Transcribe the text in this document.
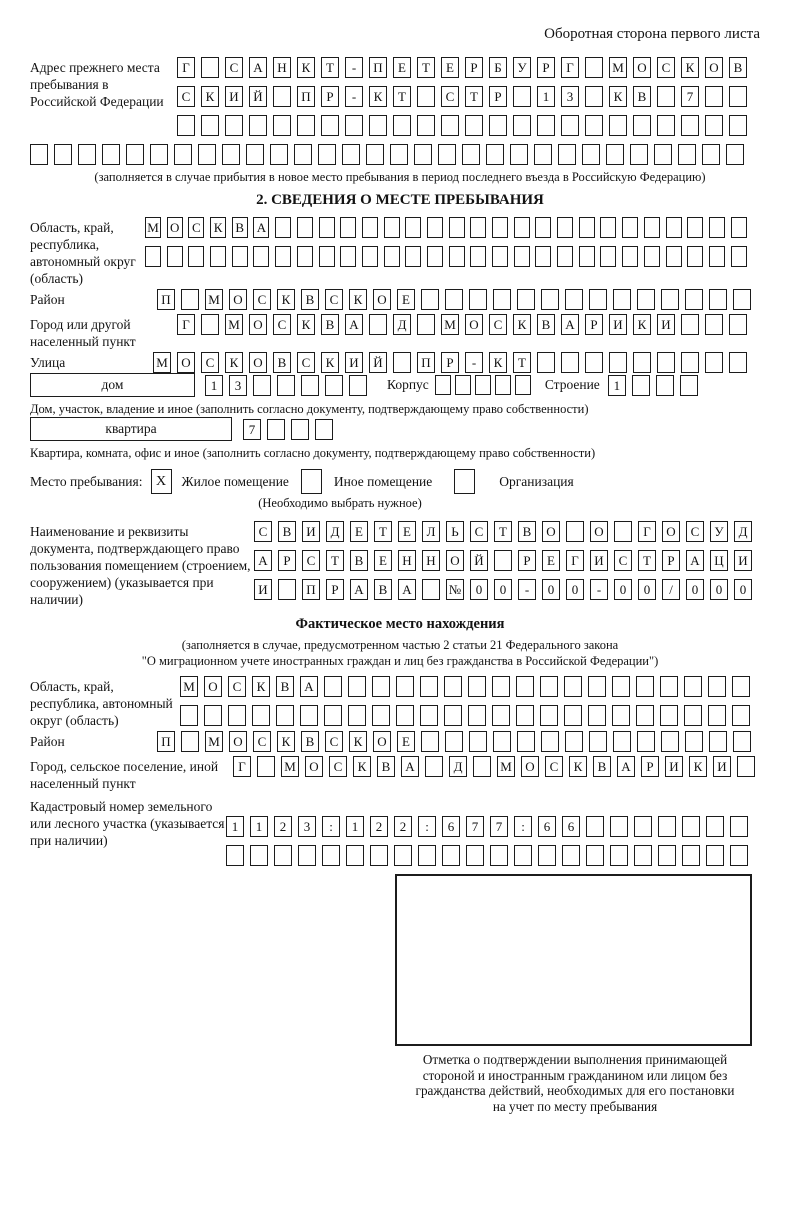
Оборотная сторона первого листа
Адрес прежнего места пребывания в Российской Федерации
Г	С	А	Н	К	Т	-	П	Е	Т	Е	Р	Б	У	Р	Г	М	О	С	К	О	В
С	К	И	Й	П	Р	-	К	Т	С	Т	Р	1	3	К	В	7
(заполняется в случае прибытия в новое место пребывания в период последнего въезда в Российскую Федерацию)
2. СВЕДЕНИЯ О МЕСТЕ ПРЕБЫВАНИЯ
Область, край, республика, автономный округ (область)
М О С К В А
Район	П	М	О	С	К	В	С	К	О	Е
Город или другой населенный пункт
Г	М	О	С	К	В	А	Д	М	О	С	К	В	А	Р	И	К	И
Улица	М	О	С	К	О	В	С	К	И	Й	П	Р	-	К	Т
дом	1	3	Корпус	Строение	1
Дом, участок, владение и иное (заполнить согласно документу, подтверждающему право собственности)
квартира	7
Квартира, комната, офис и иное (заполнить согласно документу, подтверждающему право собственности)
Место пребывания: X	Жилое помещение	Иное помещение	Организация
(Необходимо выбрать нужное)
Наименование и реквизиты документа, подтверждающего право пользования помещением (строением, сооружением) (указывается при наличии)
С	В	И	Д	Е	Т	Е	Л	Ь	С	Т	В	О	О	Г	О	С	У	Д
А	Р	С	Т	В	Е	Н	Н	О	Й	Р	Е	Г	И	С	Т	Р	А	Ц	И
И	П	Р	А	В	А	№	0	0	-	0	0	-	0	0	/	0	0	0
Фактическое место нахождения
(заполняется в случае, предусмотренном частью 2 статьи 21 Федерального закона
"О миграционном учете иностранных граждан и лиц без гражданства в Российской Федерации")
Область, край, республика, автономный округ (область)
М	О	С	К	В	А
Район	П	М	О	С	К	В	С	К	О	Е
Город, сельское поселение, иной населенный пункт
Г	М	О	С	К	В	А	Д	М	О	С	К	В	А	Р	И	К	И
Кадастровый номер земельного или лесного участка (указывается при наличии)
1	1	2	3	:	1	2	2	:	6	7	7	:	6	6
Отметка о подтверждении выполнения принимающей
стороной и иностранным гражданином или лицом без
гражданства действий, необходимых для его постановки
на учет по месту пребывания
